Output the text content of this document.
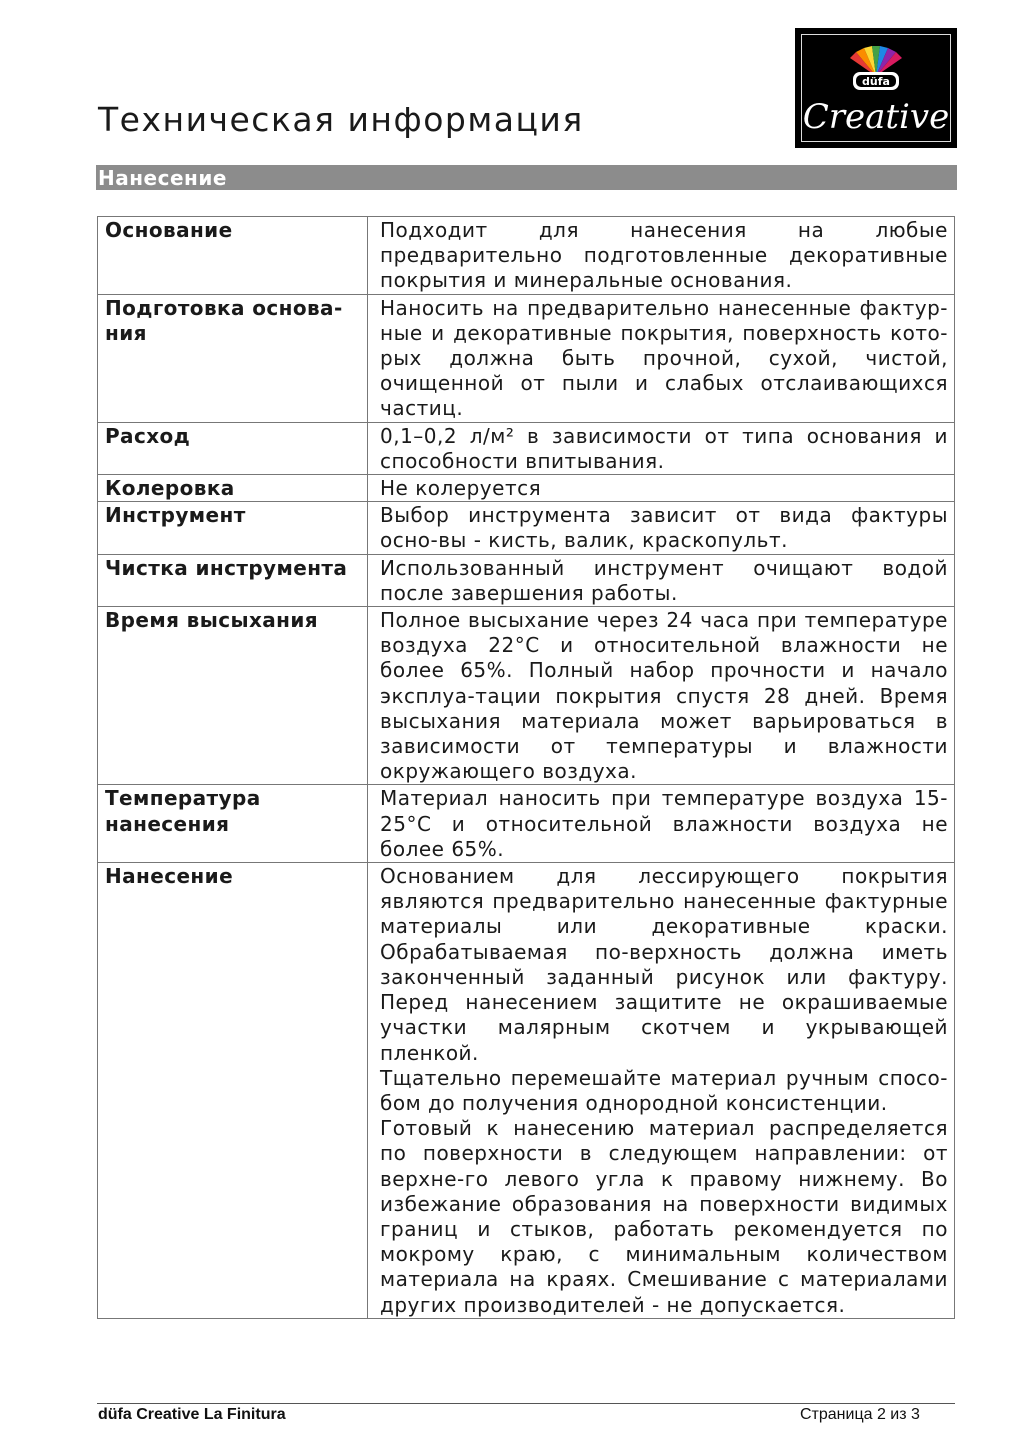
Техническая информация
düfa
Creative
Нанесение
Основание	Подходит для нанесения на любые предварительно подготовленные декоративные покрытия и минеральные основания.

Подготовка основа-ния	Наносить на предварительно нанесенные фактур-ные и декоративные покрытия, поверхность кото-рых должна быть прочной, сухой, чистой, очищенной от пыли и слабых отслаивающихся частиц.

Расход	0,1–0,2 л/м² в зависимости от типа основания и способности впитывания.

Колеровка	Не колеруется

Инструмент	Выбор инструмента зависит от вида фактуры осно-вы - кисть, валик, краскопульт.

Чистка инструмента	Использованный инструмент очищают водой после завершения работы.

Время высыхания	Полное высыхание через 24 часа при температуре воздуха 22°С и относительной влажности не более 65%. Полный набор прочности и начало эксплуа-тации покрытия спустя 28 дней. Время высыхания материала может варьироваться в зависимости от температуры и влажности окружающего воздуха.

Температура нанесения	Материал наносить при температуре воздуха 15-25°С и относительной влажности воздуха не более 65%.

Нанесение	Основанием для лессирующего покрытия являются предварительно нанесенные фактурные материалы или декоративные краски. Обрабатываемая по-верхность должна иметь законченный заданный рисунок или фактуру. Перед нанесением защитите не окрашиваемые участки малярным скотчем и укрывающей пленкой.
Тщательно перемешайте материал ручным спосо-бом до получения однородной консистенции.
Готовый к нанесению материал распределяется по поверхности в следующем направлении: от верхне-го левого угла к правому нижнему. Во избежание образования на поверхности видимых границ и стыков, работать рекомендуется по мокрому краю, с минимальным количеством материала на краях. Смешивание с материалами других производителей - не допускается.
düfa Creative La Finitura	Страница 2 из 3
